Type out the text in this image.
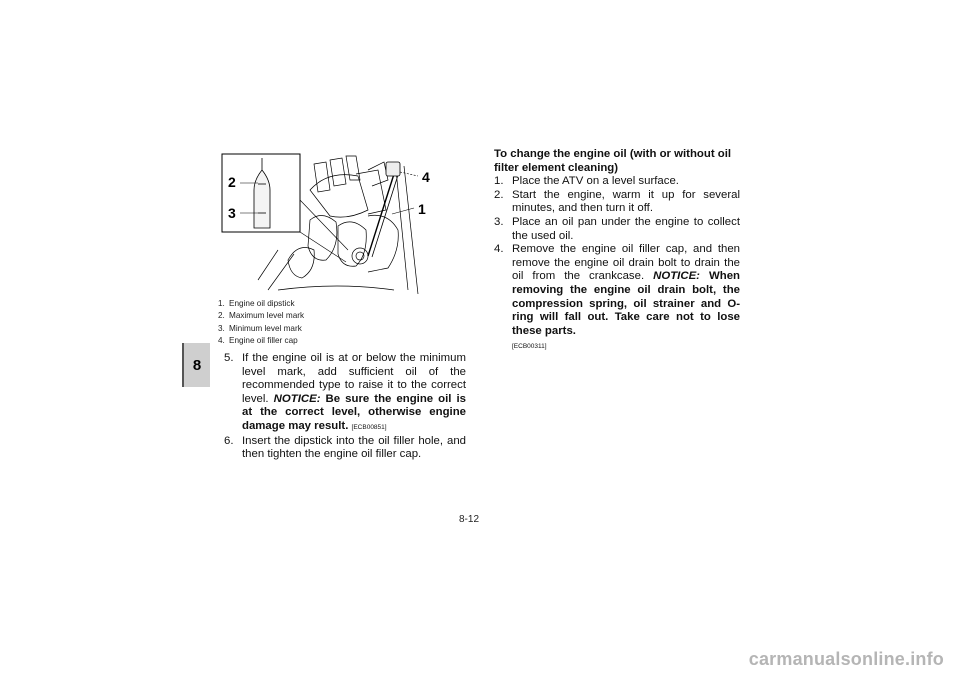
8
2
3
4
1
1. Engine oil dipstick
2. Maximum level mark
3. Minimum level mark
4. Engine oil filler cap
5. If the engine oil is at or below the minimum level mark, add sufficient oil of the recommended type to raise it to the correct level. NOTICE: Be sure the engine oil is at the correct level, otherwise engine damage may result. [ECB00851]
6. Insert the dipstick into the oil filler hole, and then tighten the engine oil filler cap.
To change the engine oil (with or without oil filter element cleaning)
1. Place the ATV on a level surface.
2. Start the engine, warm it up for several minutes, and then turn it off.
3. Place an oil pan under the engine to collect the used oil.
4. Remove the engine oil filler cap, and then remove the engine oil drain bolt to drain the oil from the crankcase. NOTICE: When removing the engine oil drain bolt, the compression spring, oil strainer and O-ring will fall out. Take care not to lose these parts.
[ECB00311]
8-12
carmanualsonline.info
